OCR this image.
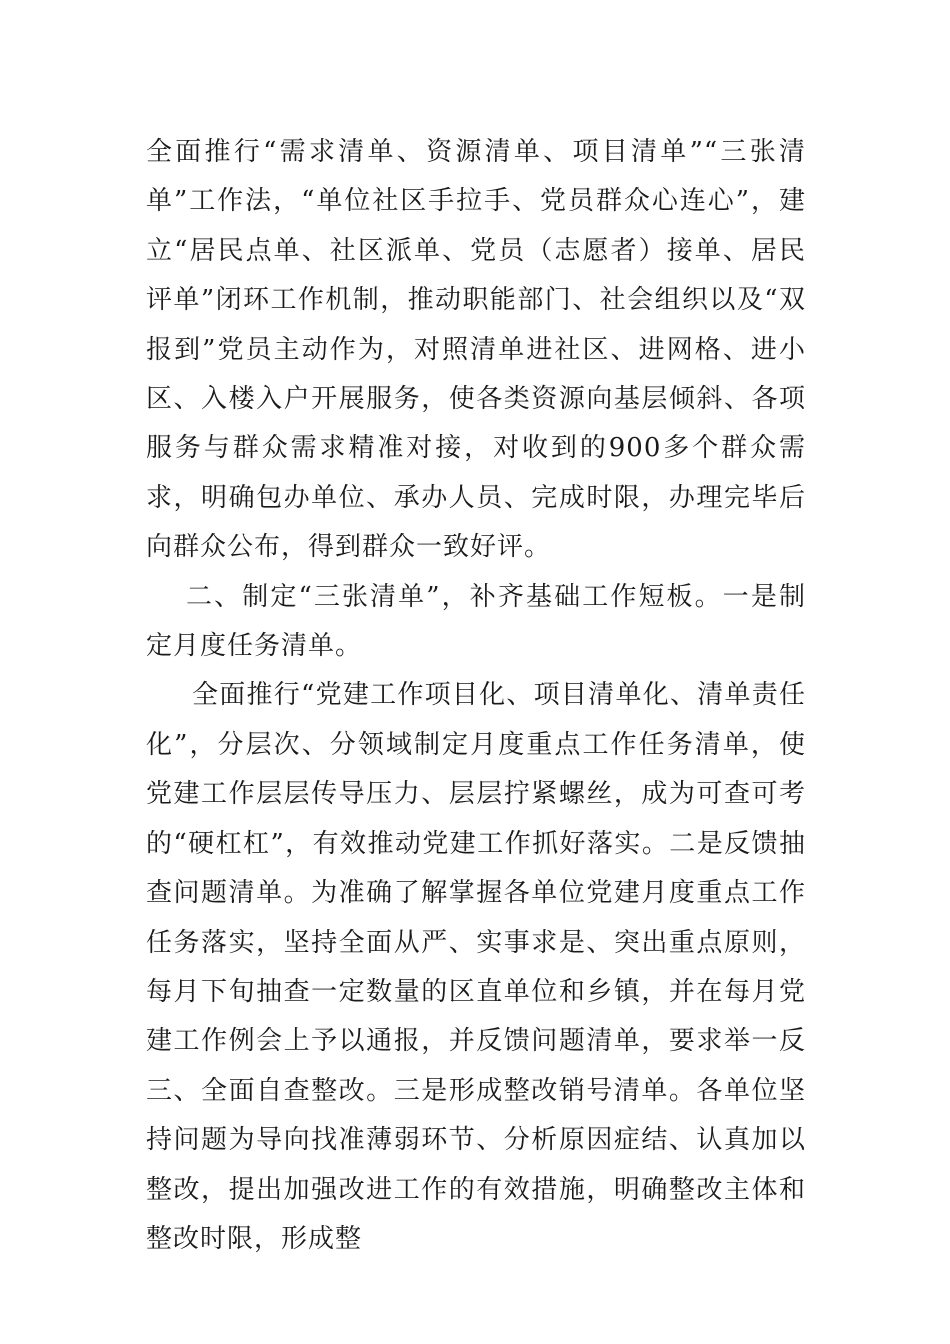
全面推行“需求清单、资源清单、项目清单”“三张清单”工作法，“单位社区手拉手、党员群众心连心”，建立“居民点单、社区派单、党员（志愿者）接单、居民评单”闭环工作机制，推动职能部门、社会组织以及“双报到”党员主动作为，对照清单进社区、进网格、进小区、入楼入户开展服务，使各类资源向基层倾斜、各项服务与群众需求精准对接，对收到的900多个群众需求，明确包办单位、承办人员、完成时限，办理完毕后向群众公布，得到群众一致好评。

二、制定“三张清单”，补齐基础工作短板。一是制定月度任务清单。

全面推行“党建工作项目化、项目清单化、清单责任化”，分层次、分领域制定月度重点工作任务清单，使党建工作层层传导压力、层层拧紧螺丝，成为可查可考的“硬杠杠”，有效推动党建工作抓好落实。二是反馈抽查问题清单。为准确了解掌握各单位党建月度重点工作任务落实，坚持全面从严、实事求是、突出重点原则，每月下旬抽查一定数量的区直单位和乡镇，并在每月党建工作例会上予以通报，并反馈问题清单，要求举一反三、全面自查整改。三是形成整改销号清单。各单位坚持问题为导向找准薄弱环节、分析原因症结、认真加以整改，提出加强改进工作的有效措施，明确整改主体和整改时限，形成整
